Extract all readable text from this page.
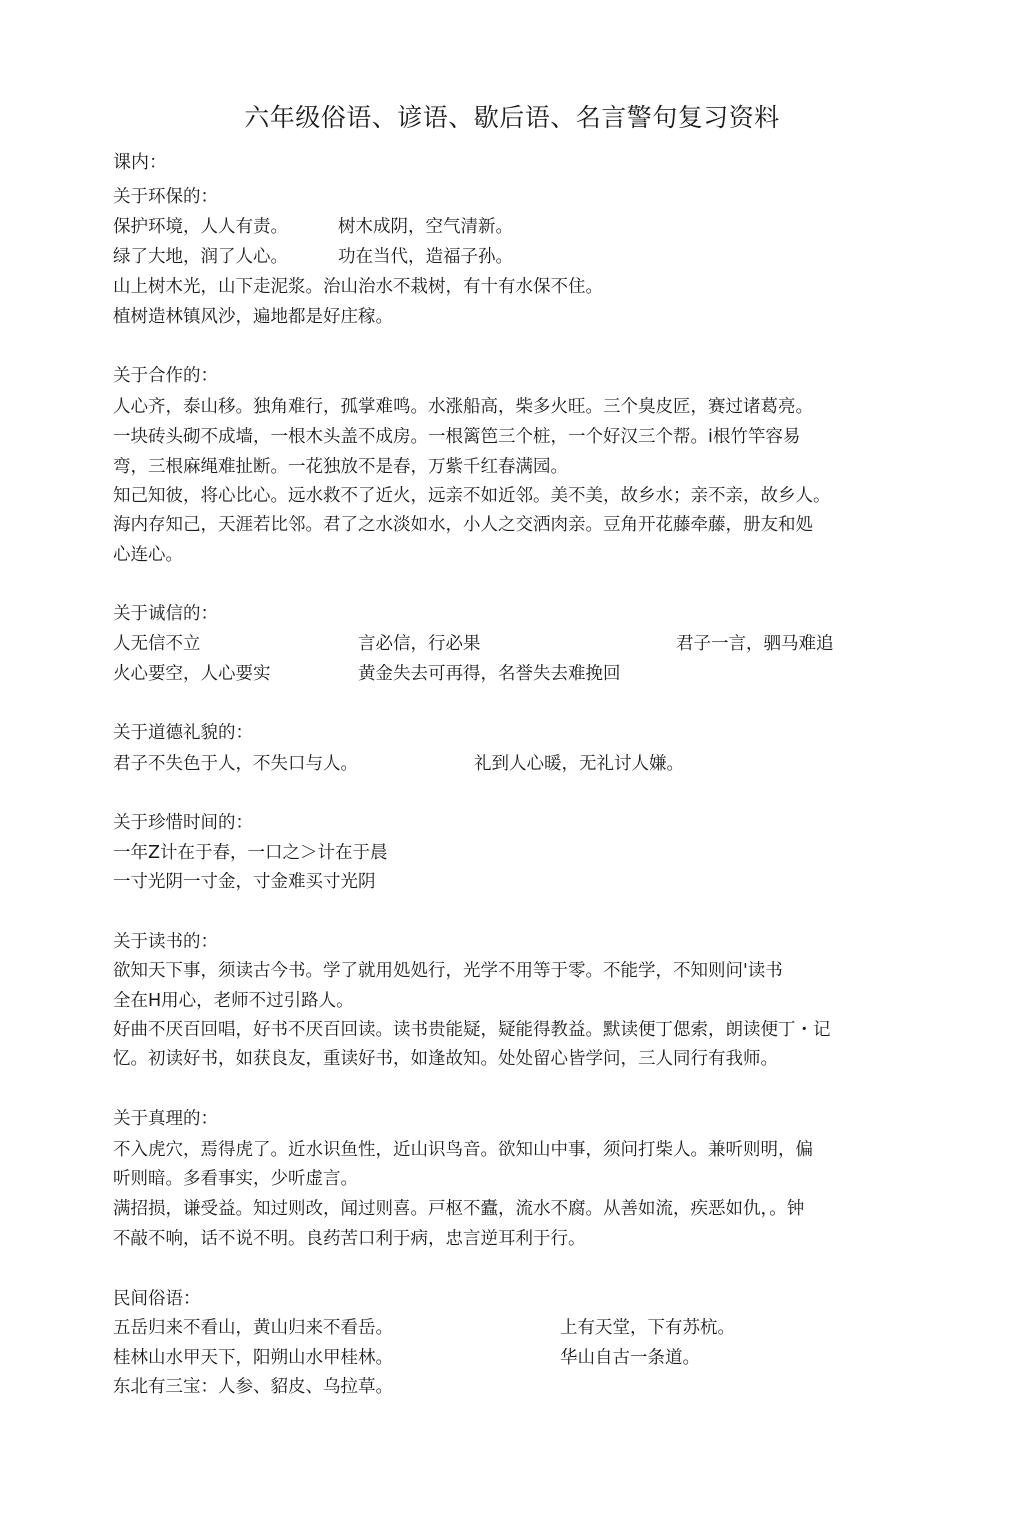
六年级俗语、谚语、歇后语、名言警句复习资料
课内：
关于环保的：
保护环境，人人有责。	树木成阴，空气清新。
绿了大地，润了人心。	功在当代，造福子孙。
山上树木光，山下走泥浆。治山治水不栽树，有十有水保不住。
植树造林镇风沙，遍地都是好庄稼。
关于合作的：
人心齐，泰山移。独角难行，孤掌难鸣。水涨船高，柴多火旺。三个臭皮匠，赛过诸葛亮。
一块砖头砌不成墙，一根木头盖不成房。一根篱笆三个桩，一个好汉三个帮。i根竹竿容易
弯，三根麻绳难扯断。一花独放不是春，万紫千红春满园。
知己知彼，将心比心。远水救不了近火，远亲不如近邻。美不美，故乡水；亲不亲，故乡人。
海内存知己，天涯若比邻。君了之水淡如水，小人之交洒肉亲。豆角开花藤牵藤，册友和処
心连心。
关于诚信的：
人无信不立	言必信，行必果	君子一言，驷马难追
火心要空，人心要实	黄金失去可再得，名誉失去难挽回
关于道德礼貌的：
君子不失色于人，不失口与人。	礼到人心暖，无礼讨人嫌。
关于珍惜时间的：
一年Z计在于春，一口之＞计在于晨
一寸光阴一寸金，寸金难买寸光阴
关于读书的：
欲知天下事，须读古今书。学了就用処処行，光学不用等于零。不能学，不知则问'读书
全在H用心，老师不过引路人。
好曲不厌百回唱，好书不厌百回读。读书贵能疑，疑能得教益。默读便丁偲索，朗读便丁・记
忆。初读好书，如获良友，重读好书，如逢故知。处处留心皆学问，三人同行有我师。
关于真理的：
不入虎穴，焉得虎了。近水识鱼性，近山识鸟音。欲知山中事，须问打柴人。兼听则明，偏
听则暗。多看事实，少听虚言。
满招损，谦受益。知过则改，闻过则喜。戸枢不蠹，流水不腐。从善如流，疾恶如仇，。钟
不敲不响，话不说不明。良药苦口利于病，忠言逆耳利于行。
民间俗语：
五岳归来不看山，黄山归来不看岳。	上有天堂，下有苏杭。
桂林山水甲天下，阳朔山水甲桂林。	华山自古一条道。
东北有三宝：人参、貂皮、乌拉草。
